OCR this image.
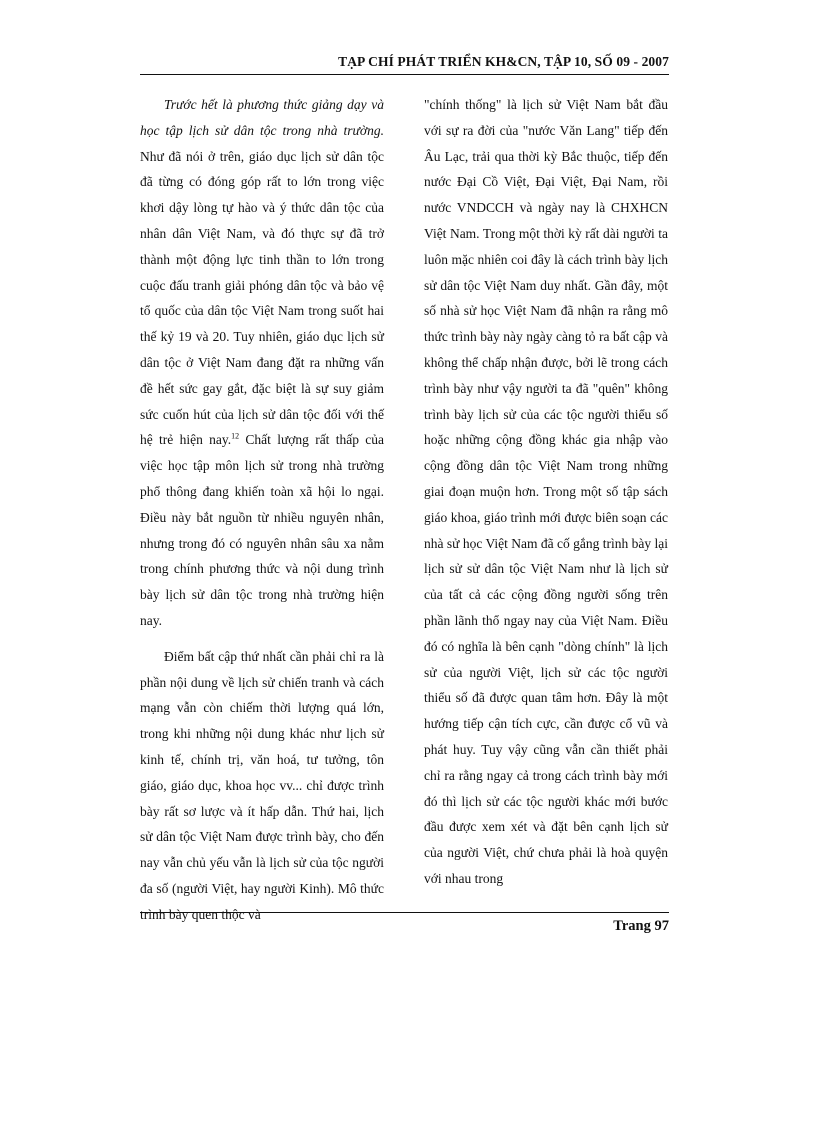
TẠP CHÍ PHÁT TRIỂN KH&CN, TẬP 10, SỐ 09 - 2007

Trước hết là phương thức giảng dạy và học tập lịch sử dân tộc trong nhà trường. Như đã nói ở trên, giáo dục lịch sử dân tộc đã từng có đóng góp rất to lớn trong việc khơi dậy lòng tự hào và ý thức dân tộc của nhân dân Việt Nam, và đó thực sự đã trở thành một động lực tinh thần to lớn trong cuộc đấu tranh giải phóng dân tộc và bảo vệ tổ quốc của dân tộc Việt Nam trong suốt hai thế kỷ 19 và 20. Tuy nhiên, giáo dục lịch sử dân tộc ở Việt Nam đang đặt ra những vấn đề hết sức gay gắt, đặc biệt là sự suy giảm sức cuốn hút của lịch sử dân tộc đối với thế hệ trẻ hiện nay.$^{12}$ Chất lượng rất thấp của việc học tập môn lịch sử trong nhà trường phổ thông đang khiến toàn xã hội lo ngại. Điều này bắt nguồn từ nhiều nguyên nhân, nhưng trong đó có nguyên nhân sâu xa nằm trong chính phương thức và nội dung trình bày lịch sử dân tộc trong nhà trường hiện nay.

Điểm bất cập thứ nhất cần phải chỉ ra là phần nội dung về lịch sử chiến tranh và cách mạng vẫn còn chiếm thời lượng quá lớn, trong khi những nội dung khác như lịch sử kinh tế, chính trị, văn hoá, tư tưởng, tôn giáo, giáo dục, khoa học vv... chỉ được trình bày rất sơ lược và ít hấp dẫn. Thứ hai, lịch sử dân tộc Việt Nam được trình bày, cho đến nay vẫn chủ yếu vẫn là lịch sử của tộc người đa số (người Việt, hay người Kinh). Mô thức trình bày quen thộc và

"chính thống" là lịch sử Việt Nam bắt đầu với sự ra đời của "nước Văn Lang" tiếp đến Âu Lạc, trải qua thời kỳ Bắc thuộc, tiếp đến nước Đại Cồ Việt, Đại Việt, Đại Nam, rồi nước VNDCCH và ngày nay là CHXHCN Việt Nam. Trong một thời kỳ rất dài người ta luôn mặc nhiên coi đây là cách trình bày lịch sử dân tộc Việt Nam duy nhất. Gần đây, một số nhà sử học Việt Nam đã nhận ra rằng mô thức trình bày này ngày càng tỏ ra bất cập và không thể chấp nhận được, bởi lẽ trong cách trình bày như vậy người ta đã "quên" không trình bày lịch sử của các tộc người thiểu số hoặc những cộng đồng khác gia nhập vào cộng đồng dân tộc Việt Nam trong những giai đoạn muộn hơn. Trong một số tập sách giáo khoa, giáo trình mới được biên soạn các nhà sử học Việt Nam đã cố gắng trình bày lại lịch sử sử dân tộc Việt Nam như là lịch sử của tất cả các cộng đồng người sống trên phần lãnh thổ ngay nay của Việt Nam. Điều đó có nghĩa là bên cạnh "dòng chính" là lịch sử của người Việt, lịch sử các tộc người thiểu số đã được quan tâm hơn. Đây là một hướng tiếp cận tích cực, cần được cổ vũ và phát huy. Tuy vậy cũng vẫn cần thiết phải chỉ ra rằng ngay cả trong cách trình bày mới đó thì lịch sử các tộc người khác mới bước đầu được xem xét và đặt bên cạnh lịch sử của người Việt, chứ chưa phải là hoà quyện với nhau trong

Trang 97
